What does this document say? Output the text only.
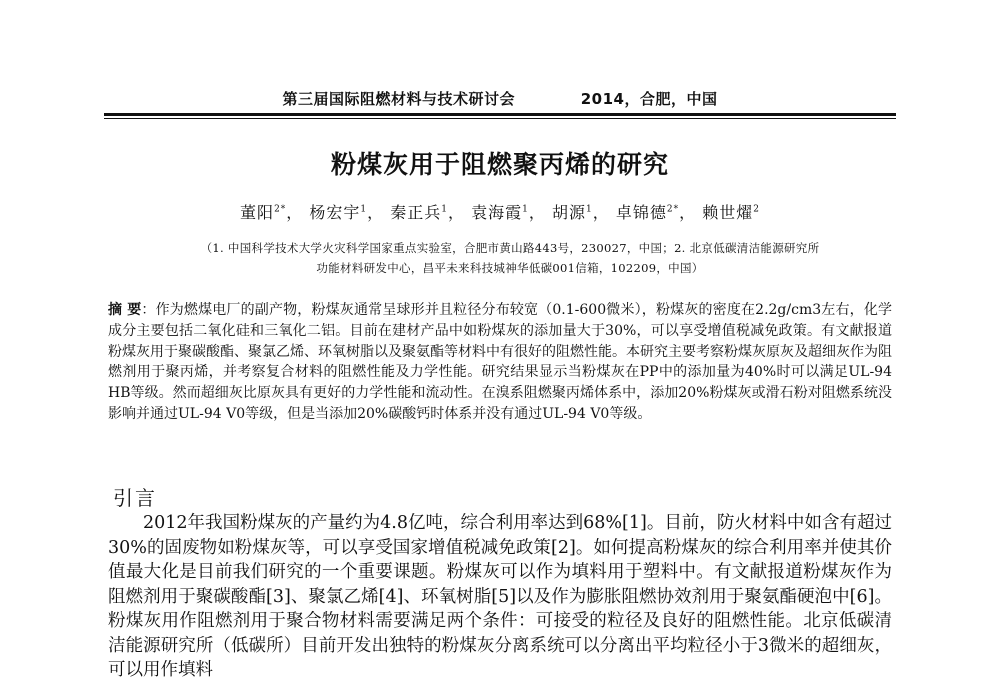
第三届国际阻燃材料与技术研讨会	2014，合肥，中国
粉煤灰用于阻燃聚丙烯的研究
董阳$^{2*}$， 杨宏宇$^1$， 秦正兵$^1$， 袁海霞$^1$， 胡源$^1$， 卓锦德$^{2*}$， 赖世燿$^2$
（1. 中国科学技术大学火灾科学国家重点实验室，合肥市黄山路443号，230027，中国；2. 北京低碳清洁能源研究所
功能材料研发中心，昌平未来科技城神华低碳001信箱，102209，中国）
摘 要：作为燃煤电厂的副产物，粉煤灰通常呈球形并且粒径分布较宽（0.1-600微米），粉煤灰的密度在2.2g/cm3左右，化学成分主要包括二氧化硅和三氧化二铝。目前在建材产品中如粉煤灰的添加量大于30%，可以享受增值税减免政策。有文献报道粉煤灰用于聚碳酸酯、聚氯乙烯、环氧树脂以及聚氨酯等材料中有很好的阻燃性能。本研究主要考察粉煤灰原灰及超细灰作为阻燃剂用于聚丙烯，并考察复合材料的阻燃性能及力学性能。研究结果显示当粉煤灰在PP中的添加量为40%时可以满足UL-94 HB等级。然而超细灰比原灰具有更好的力学性能和流动性。在溴系阻燃聚丙烯体系中，添加20%粉煤灰或滑石粉对阻燃系统没影响并通过UL-94 V0等级，但是当添加20%碳酸钙时体系并没有通过UL-94 V0等级。
引言
2012年我国粉煤灰的产量约为4.8亿吨，综合利用率达到68%[1]。目前，防火材料中如含有超过30%的固废物如粉煤灰等，可以享受国家增值税减免政策[2]。如何提高粉煤灰的综合利用率并使其价值最大化是目前我们研究的一个重要课题。粉煤灰可以作为填料用于塑料中。有文献报道粉煤灰作为阻燃剂用于聚碳酸酯[3]、聚氯乙烯[4]、环氧树脂[5]以及作为膨胀阻燃协效剂用于聚氨酯硬泡中[6]。粉煤灰用作阻燃剂用于聚合物材料需要满足两个条件：可接受的粒径及良好的阻燃性能。北京低碳清洁能源研究所（低碳所）目前开发出独特的粉煤灰分离系统可以分离出平均粒径小于3微米的超细灰，可以用作填料
